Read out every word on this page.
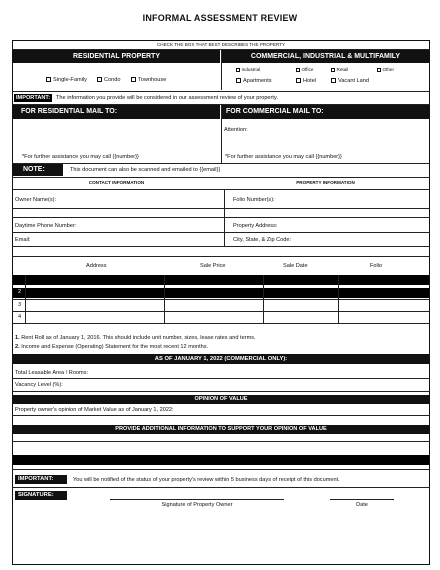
INFORMAL ASSESSMENT REVIEW
CHECK THE BOX THAT BEST DESCRIBES THE PROPERTY
RESIDENTIAL PROPERTY	COMMERCIAL, INDUSTRIAL & MULTIFAMILY
Single-Family	Condo	Townhouse
Industrial	Office	Retail	Other
Apartments	Hotel	Vacant Land
IMPORTANT:	The information you provide will be considered in our assessment review of your property.
FOR RESIDENTIAL MAIL TO:	FOR COMMERCIAL MAIL TO:
Attention:
*For further assistance you may call {{number}}	*For further assistance you may call {{number}}
NOTE:	This document can also be scanned and emailed to {{email}}
CONTACT INFORMATION	PROPERTY INFORMATION
Owner Name(s):	Folio Number(s):
Daytime Phone Number:	Property Address:
Email:	City, State, & Zip Code:
Address	Sale Price	Sale Date	Folio
2
3
4
1. Rent Roll as of January 1, 2016. This should include unit number, sizes, lease rates and terms.
2. Income and Expense (Operating) Statement for the most recent 12 months.
AS OF JANUARY 1, 2022 (COMMERCIAL ONLY):
Total Leasable Area / Rooms:
Vacancy Level (%):
OPINION OF VALUE
Property owner's opinion of Market Value as of January 1, 2022:
PROVIDE ADDITIONAL INFORMATION TO SUPPORT YOUR OPINION OF VALUE
IMPORTANT:	You will be notified of the status of your property's review within 5 business days of receipt of this document.
SIGNATURE:
Signature of Property Owner	Date
